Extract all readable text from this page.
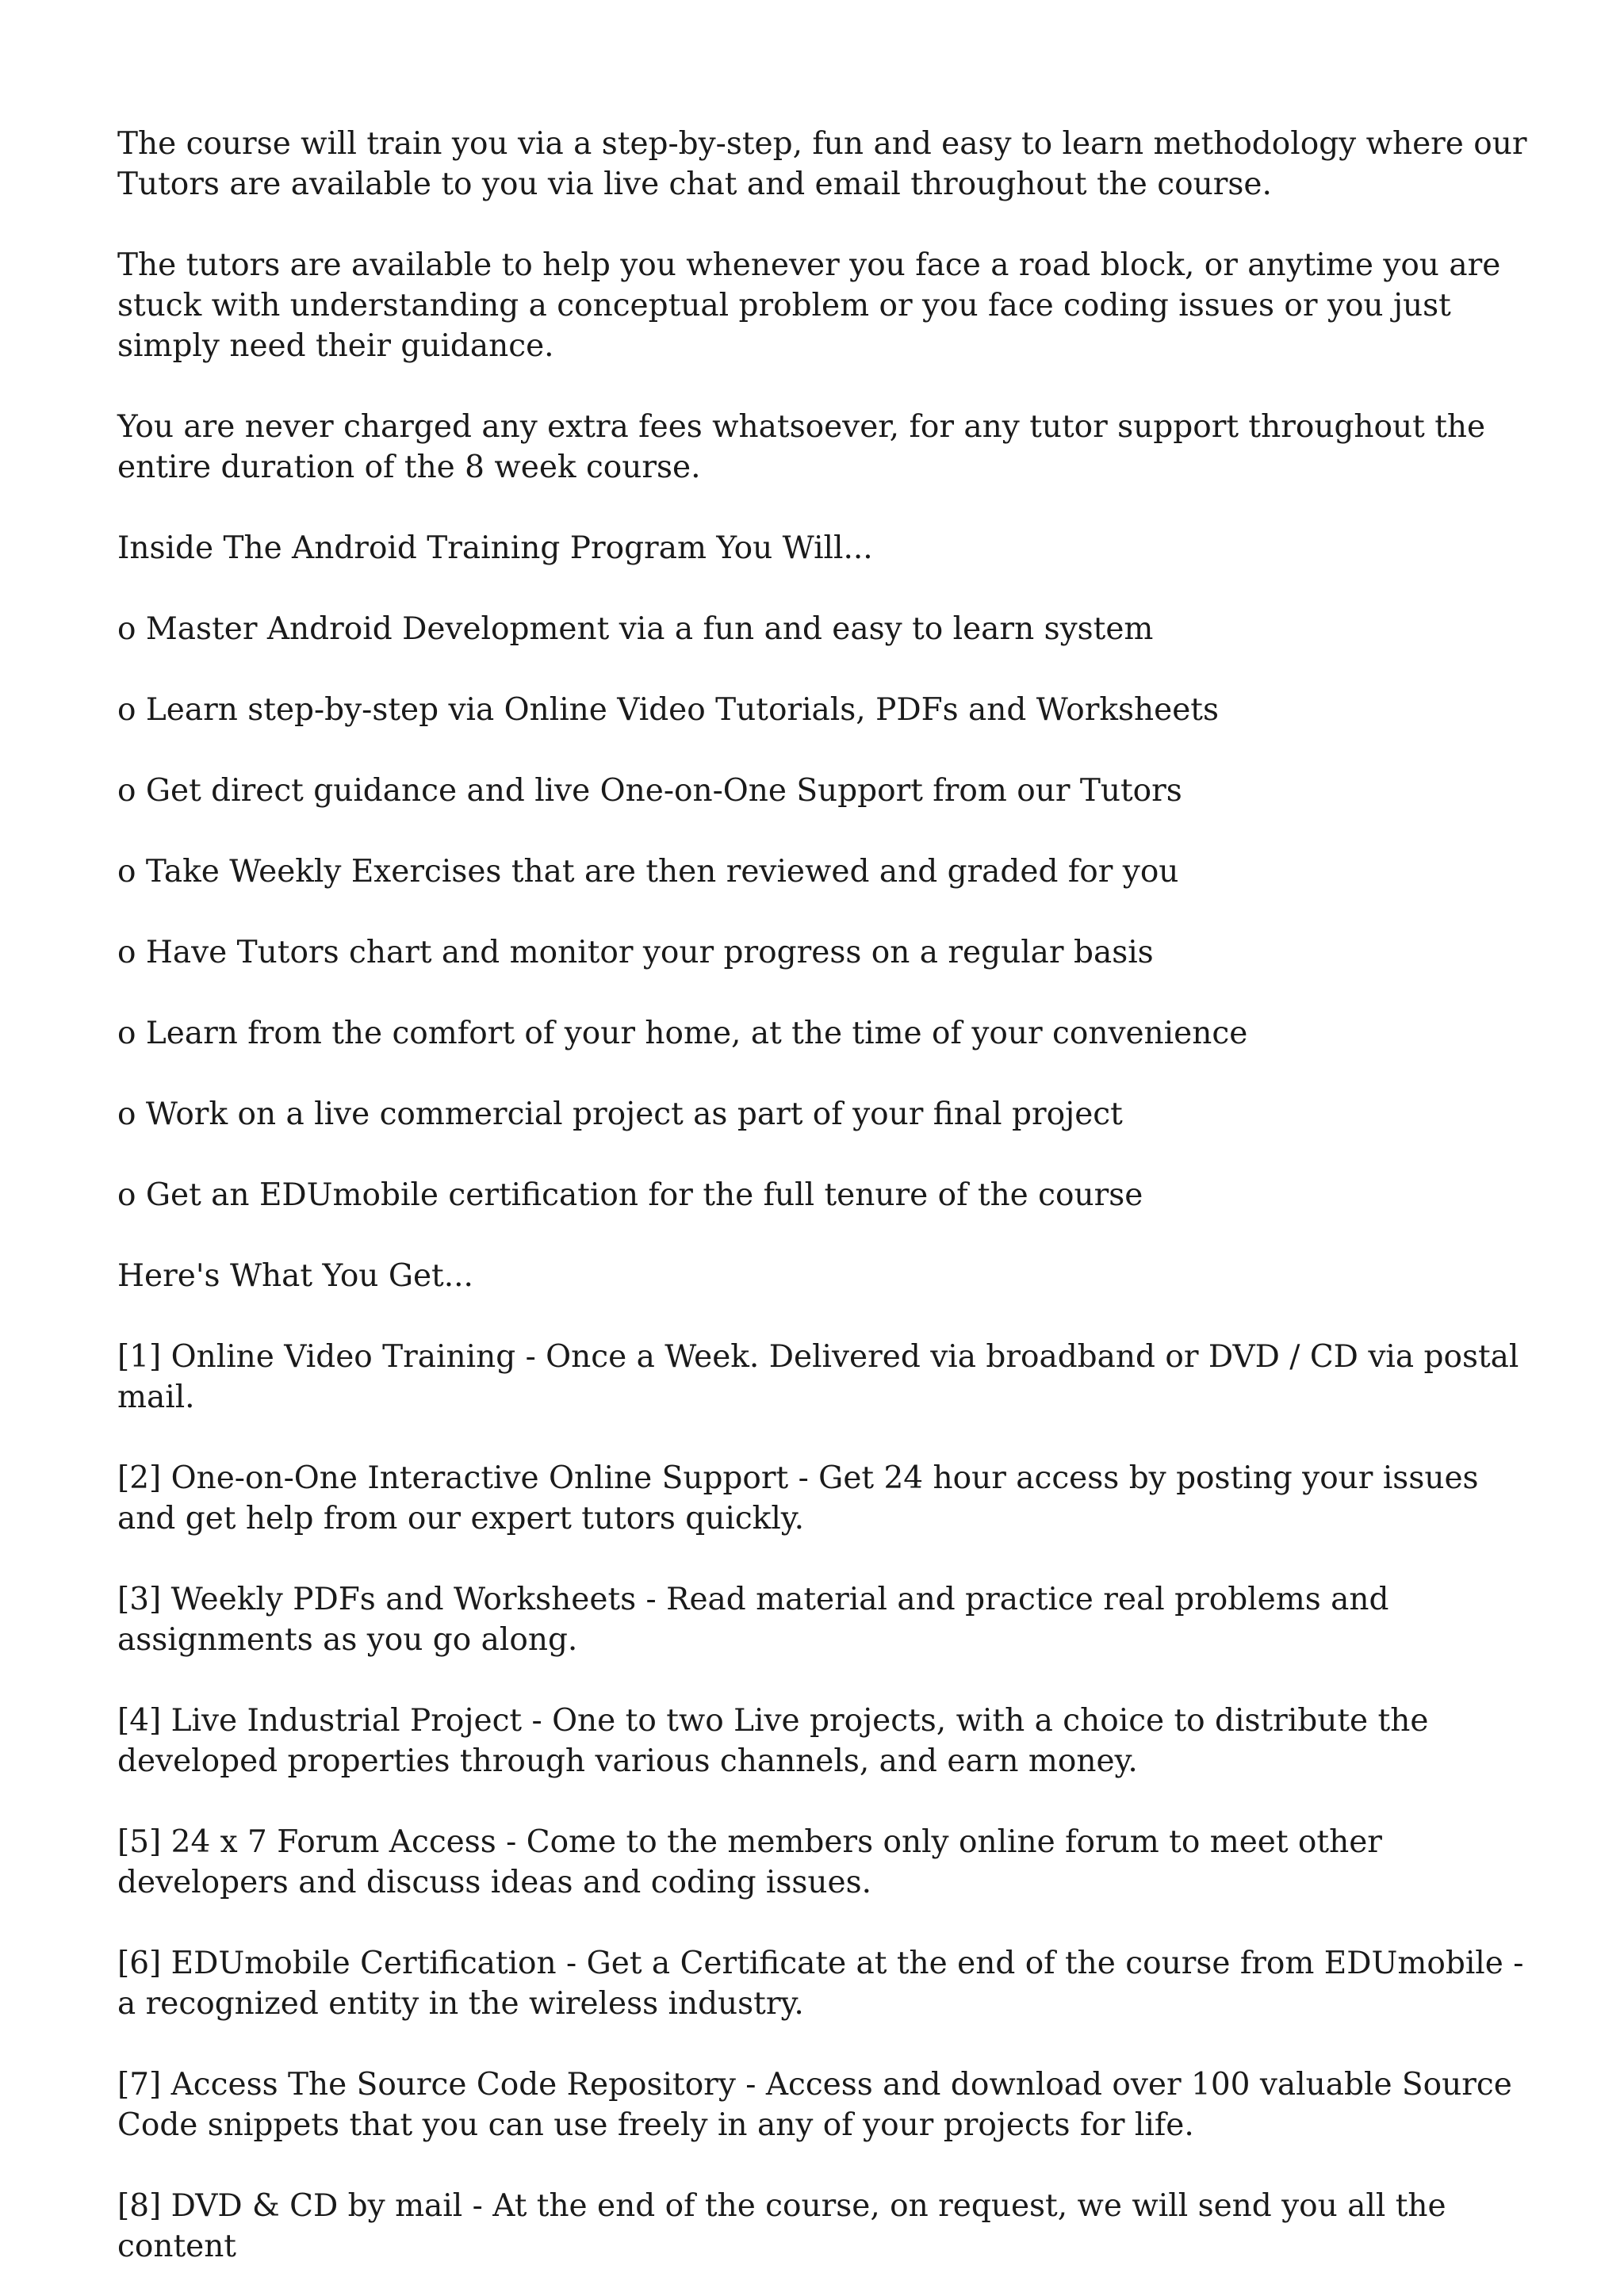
The course will train you via a step-by-step, fun and easy to learn methodology where our Tutors are available to you via live chat and email throughout the course.

The tutors are available to help you whenever you face a road block, or anytime you are stuck with understanding a conceptual problem or you face coding issues or you just simply need their guidance.

You are never charged any extra fees whatsoever, for any tutor support throughout the entire duration of the 8 week course.

Inside The Android Training Program You Will...

o Master Android Development via a fun and easy to learn system

o Learn step-by-step via Online Video Tutorials, PDFs and Worksheets

o Get direct guidance and live One-on-One Support from our Tutors

o Take Weekly Exercises that are then reviewed and graded for you

o Have Tutors chart and monitor your progress on a regular basis

o Learn from the comfort of your home, at the time of your convenience

o Work on a live commercial project as part of your final project

o Get an EDUmobile certification for the full tenure of the course

Here's What You Get...

[1] Online Video Training - Once a Week. Delivered via broadband or DVD / CD via postal mail.

[2] One-on-One Interactive Online Support - Get 24 hour access by posting your issues and get help from our expert tutors quickly.

[3] Weekly PDFs and Worksheets - Read material and practice real problems and assignments as you go along.

[4] Live Industrial Project - One to two Live projects, with a choice to distribute the developed properties through various channels, and earn money.

[5] 24 x 7 Forum Access - Come to the members only online forum to meet other developers and discuss ideas and coding issues.

[6] EDUmobile Certification - Get a Certificate at the end of the course from EDUmobile - a recognized entity in the wireless industry.

[7] Access The Source Code Repository - Access and download over 100 valuable Source Code snippets that you can use freely in any of your projects for life.

[8] DVD & CD by mail - At the end of the course, on request, we will send you all the content
